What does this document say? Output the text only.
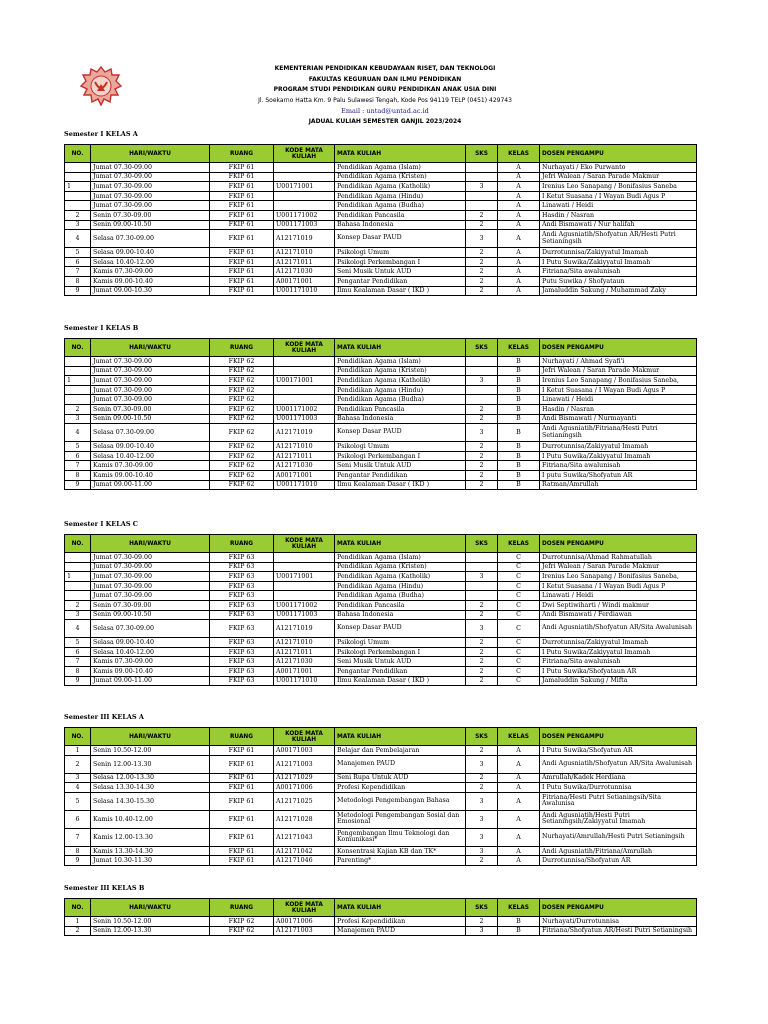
KEMENTERIAN PENDIDIKAN KEBUDAYAAN RISET, DAN TEKNOLOGI
FAKULTAS KEGURUAN DAN ILMU PENDIDIKAN
PROGRAM STUDI PENDIDIKAN GURU PENDIDIKAN ANAK USIA DINI
Jl. Soekarno Hatta Km. 9 Palu Sulawesi Tengah, Kode Pos 94119 TELP (0451) 429743
Email : untad@untad.ac.id
JADUAL KULIAH SEMESTER GANJIL 2023/2024
Semester I KELAS A
NO.	HARI/WAKTU	RUANG	KODE MATA KULIAH	MATA KULIAH	SKS	KELAS	DOSEN PENGAMPU
	Jumat 07.30-09.00	FKIP 61		Pendidikan Agama (Islam)		A	Nurhayati / Eko Purwanto
	Jumat 07.30-09.00	FKIP 61		Pendidikan Agama (Kristen)		A	Jefri Walean / Saran Parade Makmur
1	Jumat 07.30-09.00	FKIP 61	U00171001	Pendidikan Agama (Katholik)	3	A	Irenius Leo Sanapang / Bonifasius Saneba
	Jumat 07.30-09.00	FKIP 61		Pendidikan Agama (Hindu)		A	I Ketut Suasana / I Wayan Budi Agus P
	Jumat 07.30-09.00	FKIP 61		Pendidikan Agama (Budha)		A	Linawati / Heidi
2	Senin 07.30-09.00	FKIP 61	U001171002	Pendidikan Pancasila	2	A	Hasdin / Nasran
3	Senin 09.00-10.50	FKIP 61	U001171003	Bahasa Indonesia	2	A	Andi Bismawati / Nur halifah
4	Selasa 07.30-09.00	FKIP 61	A12171019	Konsep Dasar PAUD	3	A	Andi Agusniatih/Shofyatun AR/Hesti Putri Setianingsih
5	Selasa 09.00-10.40	FKIP 61	A12171010	Psikologi Umum	2	A	Durrotunnisa/Zakiyyatul Imamah
6	Selasa 10.40-12.00	FKIP 61	A12171011	Psikologi Perkembangan I	2	A	I Putu Suwika/Zakiyyatul Imamah
7	Kamis 07.30-09.00	FKIP 61	A12171030	Seni Musik Untuk AUD	2	A	Fitriana/Sita awalunisah
8	Kamis 09.00-10.40	FKIP 61	A00171001	Pengantar Pendidikan	2	A	Putu Suwika / Shofyataun
9	Jumat 09.00-10.30	FKIP 61	U001171010	Ilmu Kealaman Dasar ( IKD )	2	A	Jamaluddin Sakung / Muhammad Zaky
Semester I KELAS B
NO.	HARI/WAKTU	RUANG	KODE MATA KULIAH	MATA KULIAH	SKS	KELAS	DOSEN PENGAMPU
	Jumat 07.30-09.00	FKIP 62		Pendidikan Agama (Islam)		B	Nurhayati / Ahmad Syafi'i
	Jumat 07.30-09.00	FKIP 62		Pendidikan Agama (Kristen)		B	Jefri Walean / Saran Parade Makmur
1	Jumat 07.30-09.00	FKIP 62	U00171001	Pendidikan Agama (Katholik)	3	B	Irenius Leo Sanapang / Bonifasius Saneba,
	Jumat 07.30-09.00	FKIP 62		Pendidikan Agama (Hindu)		B	I Ketut Suasana / I Wayan Budi Agus P
	Jumat 07.30-09.00	FKIP 62		Pendidikan Agama (Budha)		B	Linawati / Heidi
2	Senin 07.30-09.00	FKIP 62	U001171002	Pendidikan Pancasila	2	B	Hasdin / Nasran
3	Senin 09.00-10.50	FKIP 62	U001171003	Bahasa Indonesia	2	B	Andi Bismawati / Nurmayanti
4	Selasa 07.30-09.00	FKIP 62	A12171019	Konsep Dasar PAUD	3	B	Andi Agusniatih/Fitriana/Hesti Putri Setianingsih
5	Selasa 09.00-10.40	FKIP 62	A12171010	Psikologi Umum	2	B	Durrotunnisa/Zakiyyatul Imamah
6	Selasa 10.40-12.00	FKIP 62	A12171011	Psikologi Perkembangan I	2	B	I Putu Suwika/Zakiyyatul Imamah
7	Kamis 07.30-09.00	FKIP 62	A12171030	Seni Musik Untuk AUD	2	B	Fitriana/Sita awalunisah
8	Kamis 09.00-10.40	FKIP 62	A00171001	Pengantar Pendidikan	2	B	I putu Suwika/Shofyatun AR
9	Jumat 09.00-11.00	FKIP 62	U001171010	Ilmu Kealaman Dasar ( IKD )	2	B	Ratman/Amrullah
Semester I KELAS C
NO.	HARI/WAKTU	RUANG	KODE MATA KULIAH	MATA KULIAH	SKS	KELAS	DOSEN PENGAMPU
	Jumat 07.30-09.00	FKIP 63		Pendidikan Agama (Islam)		C	Durrotunnisa/Ahmad Rahmatullah
	Jumat 07.30-09.00	FKIP 63		Pendidikan Agama (Kristen)		C	Jefri Walean / Saran Parade Makmur
1	Jumat 07.30-09.00	FKIP 63	U00171001	Pendidikan Agama (Katholik)	3	C	Irenius Leo Sanapang / Bonifasius Saneba,
	Jumat 07.30-09.00	FKIP 63		Pendidikan Agama (Hindu)		C	I Ketut Suasana / I Wayan Budi Agus P
	Jumat 07.30-09.00	FKIP 63		Pendidikan Agama (Budha)		C	Linawati / Heidi
2	Senin 07.30-09.00	FKIP 63	U001171002	Pendidikan Pancasila	2	C	Dwi Septiwiharti / Windi makmur
3	Senin 09.00-10.50	FKIP 63	U001171003	Bahasa Indonesia	2	C	Andi Bismawati / Ferdiawan
4	Selasa 07.30-09.00	FKIP 63	A12171019	Konsep Dasar PAUD	3	C	Andi Agusniatih/Shofyatun AR/Sita Awalunisah
5	Selasa 09.00-10.40	FKIP 63	A12171010	Psikologi Umum	2	C	Durrotunnisa/Zakiyyatul Imamah
6	Selasa 10.40-12.00	FKIP 63	A12171011	Psikologi Perkembangan I	2	C	I Putu Suwika/Zakiyyatul Imamah
7	Kamis 07.30-09.00	FKIP 63	A12171030	Seni Musik Untuk AUD	2	C	Fitriana/Sita awalunisah
8	Kamis 09.00-10.40	FKIP 63	A00171001	Pengantar Pendidikan	2	C	I Putu Suwika/Shofyataun AR
9	Jumat 09.00-11.00	FKIP 63	U001171010	Ilmu Kealaman Dasar ( IKD )	2	C	Jamaluddin Sakung / Mifta
Semester III KELAS A
NO.	HARI/WAKTU	RUANG	KODE MATA KULIAH	MATA KULIAH	SKS	KELAS	DOSEN PENGAMPU
1	Senin 10.50-12.00	FKIP 61	A00171003	Belajar dan Pembelajaran	2	A	I Putu Suwika/Shofyatun AR
2	Senin 12.00-13.30	FKIP 61	A12171003	Manajemen PAUD	3	A	Andi Agusniatih/Shofyatun AR/Sita Awalunisah
3	Selasa 12.00-13.30	FKIP 61	A12171029	Seni Rupa Untuk AUD	2	A	Amrullah/Kadek Herdiana
4	Selasa 13.30-14.30	FKIP 61	A00171006	Profesi Kependidikan	2	A	I Putu Suwika/Durrotunnisa
5	Selasa 14.30-15.30	FKIP 61	A12171025	Metodologi Pengembangan Bahasa	3	A	Fitriana/Hesti Putri Setianingsih/Sita Awalunisa
6	Kamis 10.40-12.00	FKIP 61	A12171028	Metodologi Pengembangan Sosial dan Emosional	3	A	Andi Agusniatih/Hesti Putri Setianingsih/Zakiyyatul Imamah
7	Kamis 12.00-13.30	FKIP 61	A12171043	Pengembangan Ilmu Teknologi dan Komunikasi*	3	A	Nurhayati/Amrullah/Hesti Putri Setianingsih
8	Kamis 13.30-14.30	FKIP 61	A12171042	Konsentrasi Kajian KB dan TK*	3	A	Andi Agusniatih/Fitriana/Amrullah
9	Jumat 10.30-11.30	FKIP 61	A12171046	Parenting*	2	A	Durrotunnisa/Shofyatun AR
Semester III KELAS B
NO.	HARI/WAKTU	RUANG	KODE MATA KULIAH	MATA KULIAH	SKS	KELAS	DOSEN PENGAMPU
1	Senin 10.50-12.00	FKIP 62	A00171006	Profesi Kependidikan	2	B	Nurhayati/Durrotunnisa
2	Senin 12.00-13.30	FKIP 62	A12171003	Manajemen PAUD	3	B	Fitriana/Shofyatun AR/Hesti Putri Setianingsih
